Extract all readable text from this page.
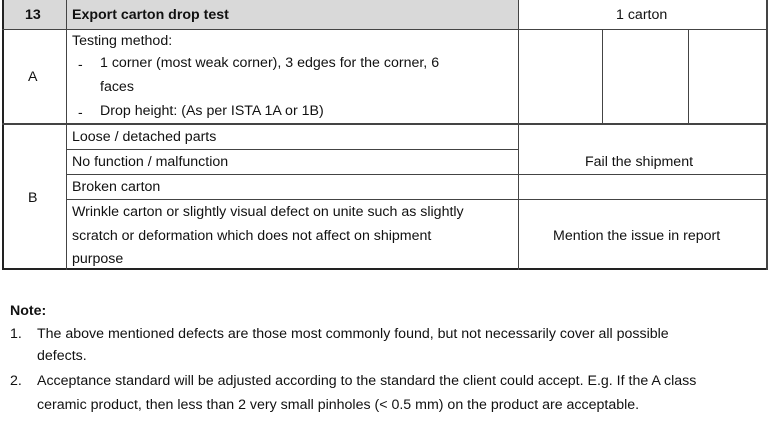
13 Export carton drop test	1 carton
A
Testing method:
- 1 corner (most weak corner), 3 edges for the corner, 6
faces
- Drop height: (As per ISTA 1A or 1B)
B
Loose / detached parts
No function / malfunction
Broken carton
Wrinkle carton or slightly visual defect on unite such as slightly
scratch or deformation which does not affect on shipment
purpose
Fail the shipment
Mention the issue in report
Note:
1. The above mentioned defects are those most commonly found, but not necessarily cover all possible
defects.
2. Acceptance standard will be adjusted according to the standard the client could accept. E.g. If the A class
ceramic product, then less than 2 very small pinholes (< 0.5 mm) on the product are acceptable.
